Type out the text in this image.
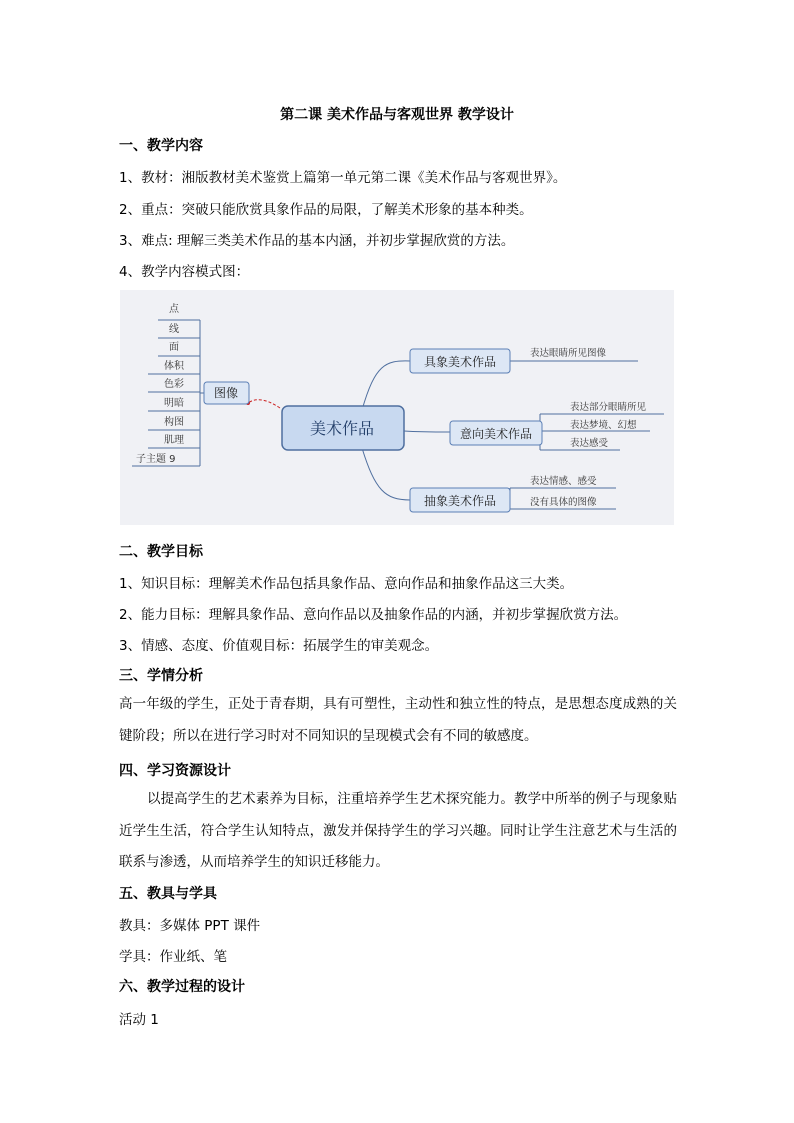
第二课 美术作品与客观世界 教学设计
一、教学内容
1、教材：湘版教材美术鉴赏上篇第一单元第二课《美术作品与客观世界》。
2、重点：突破只能欣赏具象作品的局限，了解美术形象的基本种类。
3、难点: 理解三类美术作品的基本内涵，并初步掌握欣赏的方法。
4、教学内容模式图：
点
线
面
体积
色彩
明暗
构图
肌理
子主题 9
图像
美术作品
具象美术作品
意向美术作品
抽象美术作品
表达眼睛所见图像
表达部分眼睛所见
表达梦境、幻想
表达感受
表达情感、感受
没有具体的图像
二、教学目标
1、知识目标：理解美术作品包括具象作品、意向作品和抽象作品这三大类。
2、能力目标：理解具象作品、意向作品以及抽象作品的内涵，并初步掌握欣赏方法。
3、情感、态度、价值观目标：拓展学生的审美观念。
三、学情分析
高一年级的学生，正处于青春期，具有可塑性，主动性和独立性的特点，是思想态度成熟的关键阶段；所以在进行学习时对不同知识的呈现模式会有不同的敏感度。
四、学习资源设计
以提高学生的艺术素养为目标，注重培养学生艺术探究能力。教学中所举的例子与现象贴近学生生活，符合学生认知特点，激发并保持学生的学习兴趣。同时让学生注意艺术与生活的联系与渗透，从而培养学生的知识迁移能力。
五、教具与学具
教具：多媒体 PPT 课件
学具：作业纸、笔
六、教学过程的设计
活动 1
